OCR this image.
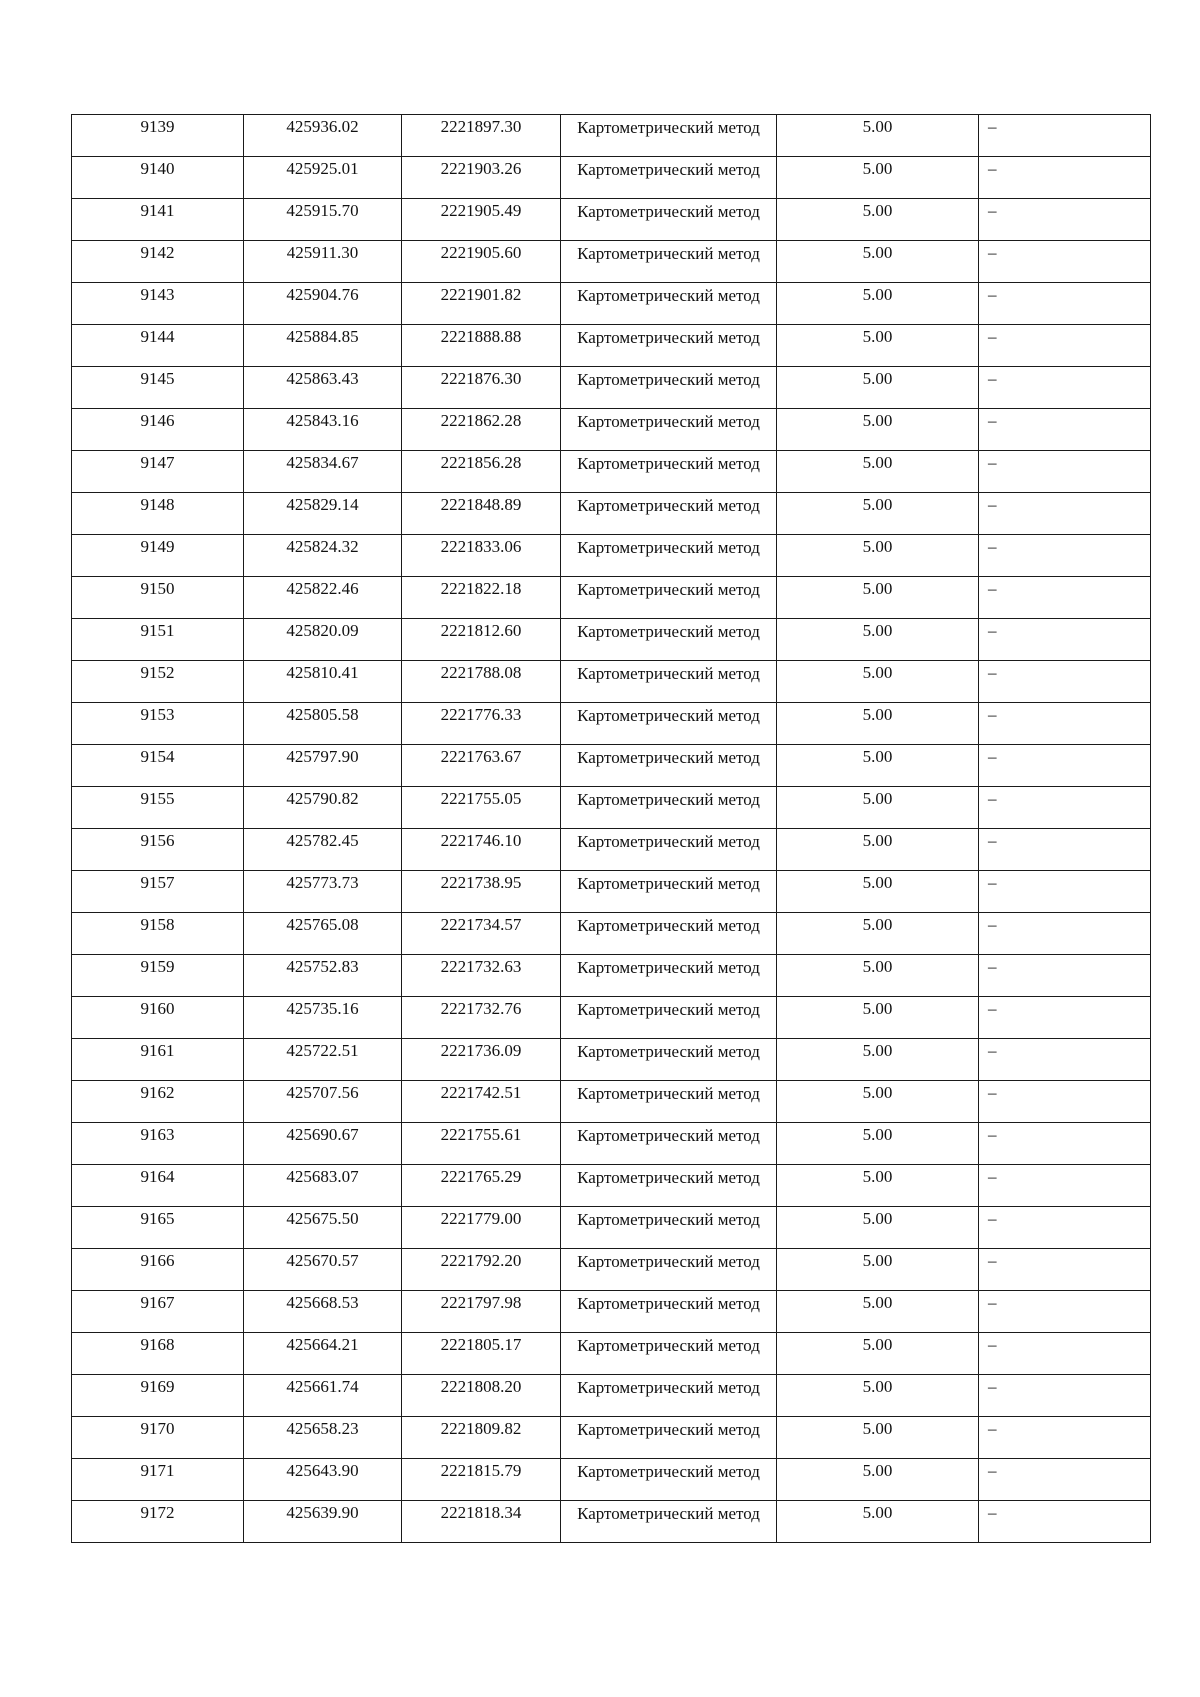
9139	425936.02	2221897.30	Картометрический метод	5.00	–

9140	425925.01	2221903.26	Картометрический метод	5.00	–

9141	425915.70	2221905.49	Картометрический метод	5.00	–

9142	425911.30	2221905.60	Картометрический метод	5.00	–

9143	425904.76	2221901.82	Картометрический метод	5.00	–

9144	425884.85	2221888.88	Картометрический метод	5.00	–

9145	425863.43	2221876.30	Картометрический метод	5.00	–

9146	425843.16	2221862.28	Картометрический метод	5.00	–

9147	425834.67	2221856.28	Картометрический метод	5.00	–

9148	425829.14	2221848.89	Картометрический метод	5.00	–

9149	425824.32	2221833.06	Картометрический метод	5.00	–

9150	425822.46	2221822.18	Картометрический метод	5.00	–

9151	425820.09	2221812.60	Картометрический метод	5.00	–

9152	425810.41	2221788.08	Картометрический метод	5.00	–

9153	425805.58	2221776.33	Картометрический метод	5.00	–

9154	425797.90	2221763.67	Картометрический метод	5.00	–

9155	425790.82	2221755.05	Картометрический метод	5.00	–

9156	425782.45	2221746.10	Картометрический метод	5.00	–

9157	425773.73	2221738.95	Картометрический метод	5.00	–

9158	425765.08	2221734.57	Картометрический метод	5.00	–

9159	425752.83	2221732.63	Картометрический метод	5.00	–

9160	425735.16	2221732.76	Картометрический метод	5.00	–

9161	425722.51	2221736.09	Картометрический метод	5.00	–

9162	425707.56	2221742.51	Картометрический метод	5.00	–

9163	425690.67	2221755.61	Картометрический метод	5.00	–

9164	425683.07	2221765.29	Картометрический метод	5.00	–

9165	425675.50	2221779.00	Картометрический метод	5.00	–

9166	425670.57	2221792.20	Картометрический метод	5.00	–

9167	425668.53	2221797.98	Картометрический метод	5.00	–

9168	425664.21	2221805.17	Картометрический метод	5.00	–

9169	425661.74	2221808.20	Картометрический метод	5.00	–

9170	425658.23	2221809.82	Картометрический метод	5.00	–

9171	425643.90	2221815.79	Картометрический метод	5.00	–

9172	425639.90	2221818.34	Картометрический метод	5.00	–
